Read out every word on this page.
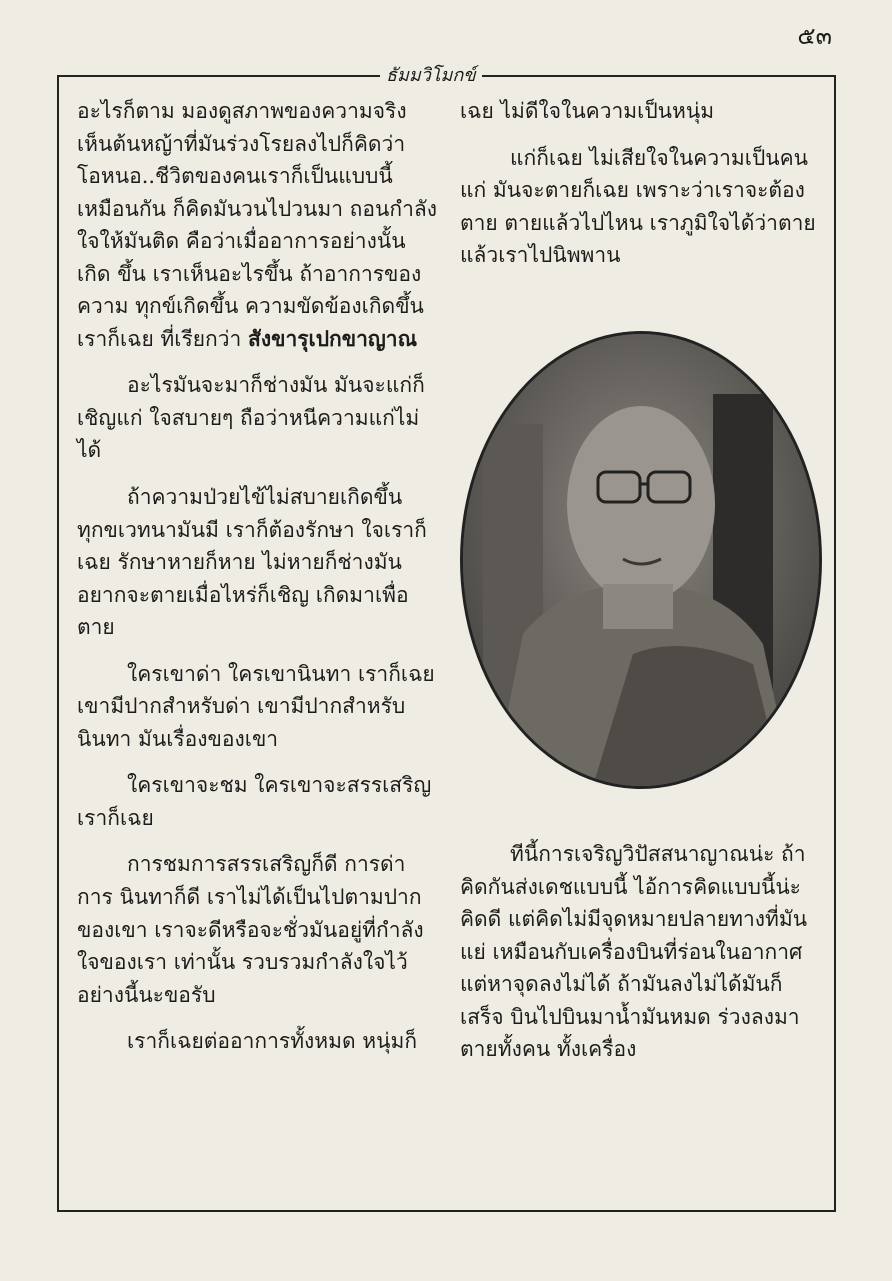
๕๓
ธัมมวิโมกข์

อะไรก็ตาม มองดูสภาพของความจริง เห็นต้นหญ้าที่มันร่วงโรยลงไปก็คิดว่า โอหนอ..ชีวิตของคนเราก็เป็นแบบนี้ เหมือนกัน ก็คิดมันวนไปวนมา ถอนกำลัง ใจให้มันติด คือว่าเมื่ออาการอย่างนั้นเกิด ขึ้น เราเห็นอะไรขึ้น ถ้าอาการของความ ทุกข์เกิดขึ้น ความขัดข้องเกิดขึ้นเราก็เฉย ที่เรียกว่า สังขารุเปกขาญาณ

อะไรมันจะมาก็ช่างมัน มันจะแก่ก็ เชิญแก่ ใจสบายๆ ถือว่าหนีความแก่ไม่ ได้

ถ้าความป่วยไข้ไม่สบายเกิดขึ้น ทุกขเวทนามันมี เราก็ต้องรักษา ใจเราก็ เฉย รักษาหายก็หาย ไม่หายก็ช่างมัน อยากจะตายเมื่อไหร่ก็เชิญ เกิดมาเพื่อตาย

ใครเขาด่า ใครเขานินทา เราก็เฉย เขามีปากสำหรับด่า เขามีปากสำหรับนินทา มันเรื่องของเขา

ใครเขาจะชม ใครเขาจะสรรเสริญ เราก็เฉย

การชมการสรรเสริญก็ดี การด่าการ นินทาก็ดี เราไม่ได้เป็นไปตามปากของเขา เราจะดีหรือจะชั่วมันอยู่ที่กำลังใจของเรา เท่านั้น รวบรวมกำลังใจไว้อย่างนี้นะขอรับ

เราก็เฉยต่ออาการทั้งหมด หนุ่มก็

เฉย ไม่ดีใจในความเป็นหนุ่ม

แก่ก็เฉย ไม่เสียใจในความเป็นคนแก่ มันจะตายก็เฉย เพราะว่าเราจะต้อง ตาย ตายแล้วไปไหน เราภูมิใจได้ว่าตาย แล้วเราไปนิพพาน

ทีนี้การเจริญวิปัสสนาญาณน่ะ ถ้า คิดกันส่งเดชแบบนี้ ไอ้การคิดแบบนี้น่ะ คิดดี แต่คิดไม่มีจุดหมายปลายทางที่มัน แย่ เหมือนกับเครื่องบินที่ร่อนในอากาศ แต่หาจุดลงไม่ได้ ถ้ามันลงไม่ได้มันก็เสร็จ บินไปบินมาน้ำมันหมด ร่วงลงมาตายทั้งคน ทั้งเครื่อง
